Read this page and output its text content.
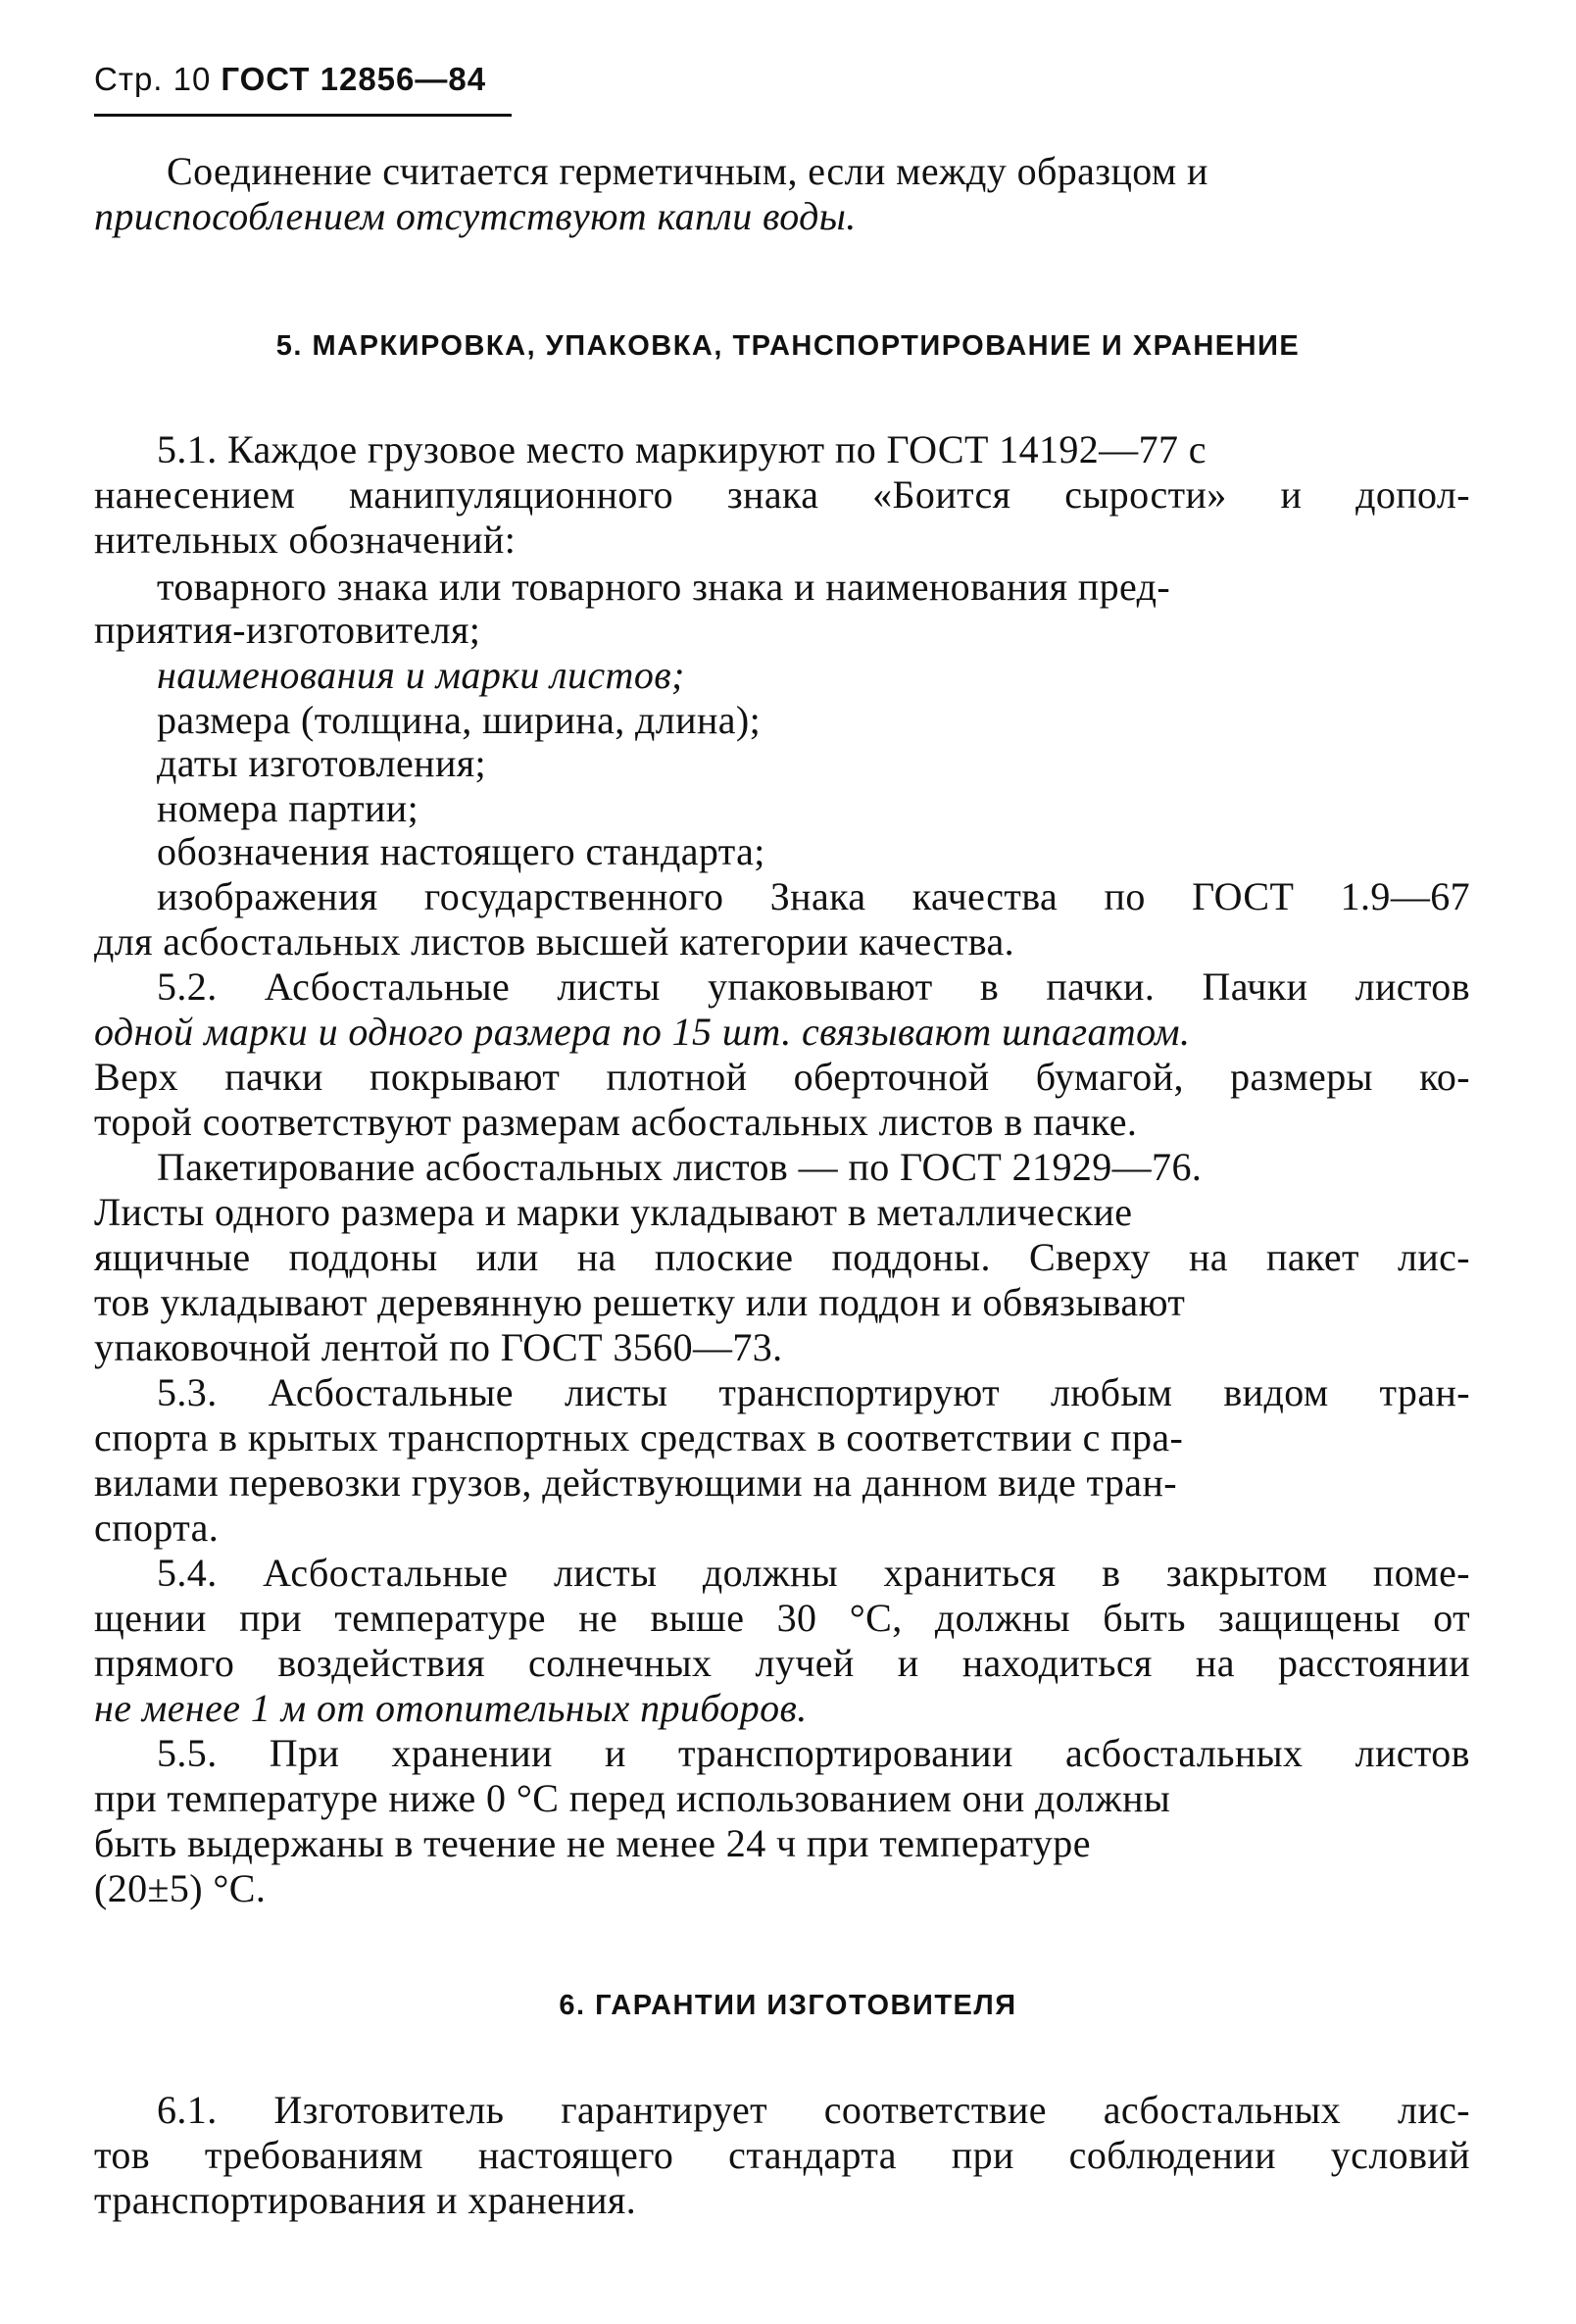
Стр. 10 ГОСТ 12856—84
Соединение считается герметичным, если между образцом и
приспособлением отсутствуют капли воды.
5. МАРКИРОВКА, УПАКОВКА, ТРАНСПОРТИРОВАНИЕ И ХРАНЕНИЕ
5.1. Каждое грузовое место маркируют по ГОСТ 14192—77 с
нанесением манипуляционного знака «Боится сырости» и допол-
нительных обозначений:
товарного знака или товарного знака и наименования пред-
приятия-изготовителя;
наименования и марки листов;
размера (толщина, ширина, длина);
даты изготовления;
номера партии;
обозначения настоящего стандарта;
изображения государственного Знака качества по ГОСТ 1.9—67
для асбостальных листов высшей категории качества.
5.2. Асбостальные листы упаковывают в пачки. Пачки листов
одной марки и одного размера по 15 шт. связывают шпагатом.
Верх пачки покрывают плотной оберточной бумагой, размеры ко-
торой соответствуют размерам асбостальных листов в пачке.
Пакетирование асбостальных листов — по ГОСТ 21929—76.
Листы одного размера и марки укладывают в металлические
ящичные поддоны или на плоские поддоны. Сверху на пакет лис-
тов укладывают деревянную решетку или поддон и обвязывают
упаковочной лентой по ГОСТ 3560—73.
5.3. Асбостальные листы транспортируют любым видом тран-
спорта в крытых транспортных средствах в соответствии с пра-
вилами перевозки грузов, действующими на данном виде тран-
спорта.
5.4. Асбостальные листы должны храниться в закрытом поме-
щении при температуре не выше 30 °С, должны быть защищены от
прямого воздействия солнечных лучей и находиться на расстоянии
не менее 1 м от отопительных приборов.
5.5. При хранении и транспортировании асбостальных листов
при температуре ниже 0 °С перед использованием они должны
быть выдержаны в течение не менее 24 ч при температуре
(20±5) °С.
6. ГАРАНТИИ ИЗГОТОВИТЕЛЯ
6.1. Изготовитель гарантирует соответствие асбостальных лис-
тов требованиям настоящего стандарта при соблюдении условий
транспортирования и хранения.
